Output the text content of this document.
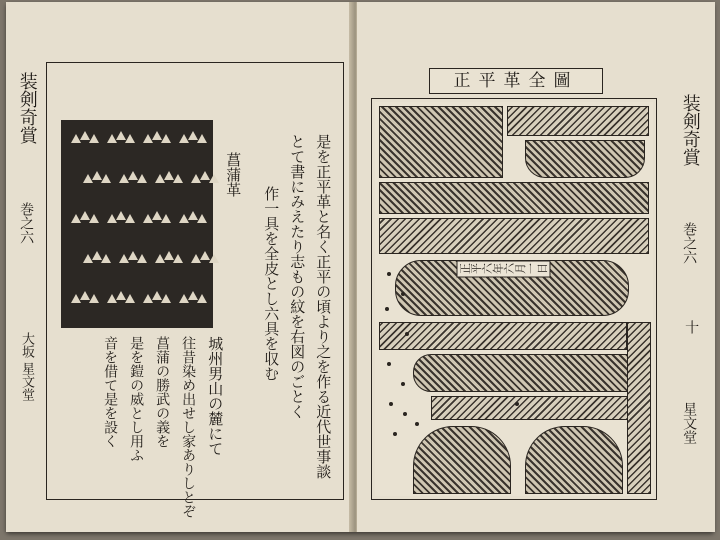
装剣奇賞
巻之六
大坂 星文堂
菖蒲革	是を正平革と名く正平の頃より之を作る近代世事談
とて書にみえたり志もの紋を右図のごとく
作一具を全皮とし六具を収む
城州男山の麓にて
往昔染め出せし家ありしとぞ
菖蒲の勝武の義を
是を鎧の威とし用ふ
音を借て是を設く
正平革全圖
正平六年六月一日
装剣奇賞
巻之六
十
星文堂
